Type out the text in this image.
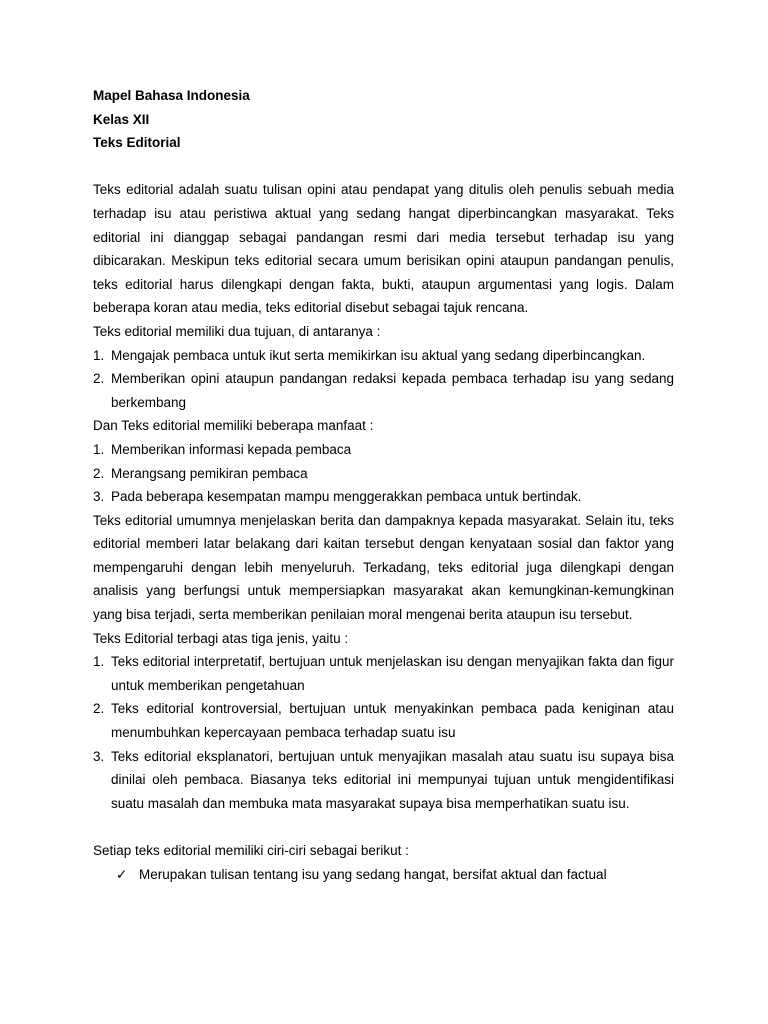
Mapel Bahasa Indonesia

Kelas XII

Teks Editorial

Teks editorial adalah suatu tulisan opini atau pendapat yang ditulis oleh penulis sebuah media terhadap isu atau peristiwa aktual yang sedang hangat diperbincangkan masyarakat. Teks editorial ini dianggap sebagai pandangan resmi dari media tersebut terhadap isu yang dibicarakan. Meskipun teks editorial secara umum berisikan opini ataupun pandangan penulis, teks editorial harus dilengkapi dengan fakta, bukti, ataupun argumentasi yang logis. Dalam beberapa koran atau media, teks editorial disebut sebagai tajuk rencana.

Teks editorial memiliki dua tujuan, di antaranya :

1. Mengajak pembaca untuk ikut serta memikirkan isu aktual yang sedang diperbincangkan.
2. Memberikan opini ataupun pandangan redaksi kepada pembaca terhadap isu yang sedang berkembang

Dan Teks editorial memiliki beberapa manfaat :

1. Memberikan informasi kepada pembaca
2. Merangsang pemikiran pembaca
3. Pada beberapa kesempatan mampu menggerakkan pembaca untuk bertindak.

Teks editorial umumnya menjelaskan berita dan dampaknya kepada masyarakat. Selain itu, teks editorial memberi latar belakang dari kaitan tersebut dengan kenyataan sosial dan faktor yang mempengaruhi dengan lebih menyeluruh. Terkadang, teks editorial juga dilengkapi dengan analisis yang berfungsi untuk mempersiapkan masyarakat akan kemungkinan-kemungkinan yang bisa terjadi, serta memberikan penilaian moral mengenai berita ataupun isu tersebut.

Teks Editorial terbagi atas tiga jenis, yaitu :

1. Teks editorial interpretatif, bertujuan untuk menjelaskan isu dengan menyajikan fakta dan figur untuk memberikan pengetahuan
2. Teks editorial kontroversial, bertujuan untuk menyakinkan pembaca pada keniginan atau menumbuhkan kepercayaan pembaca terhadap suatu isu
3. Teks editorial eksplanatori, bertujuan untuk menyajikan masalah atau suatu isu supaya bisa dinilai oleh pembaca. Biasanya teks editorial ini mempunyai tujuan untuk mengidentifikasi suatu masalah dan membuka mata masyarakat supaya bisa memperhatikan suatu isu.

Setiap teks editorial memiliki ciri-ciri sebagai berikut :

✓ Merupakan tulisan tentang isu yang sedang hangat, bersifat aktual dan factual
